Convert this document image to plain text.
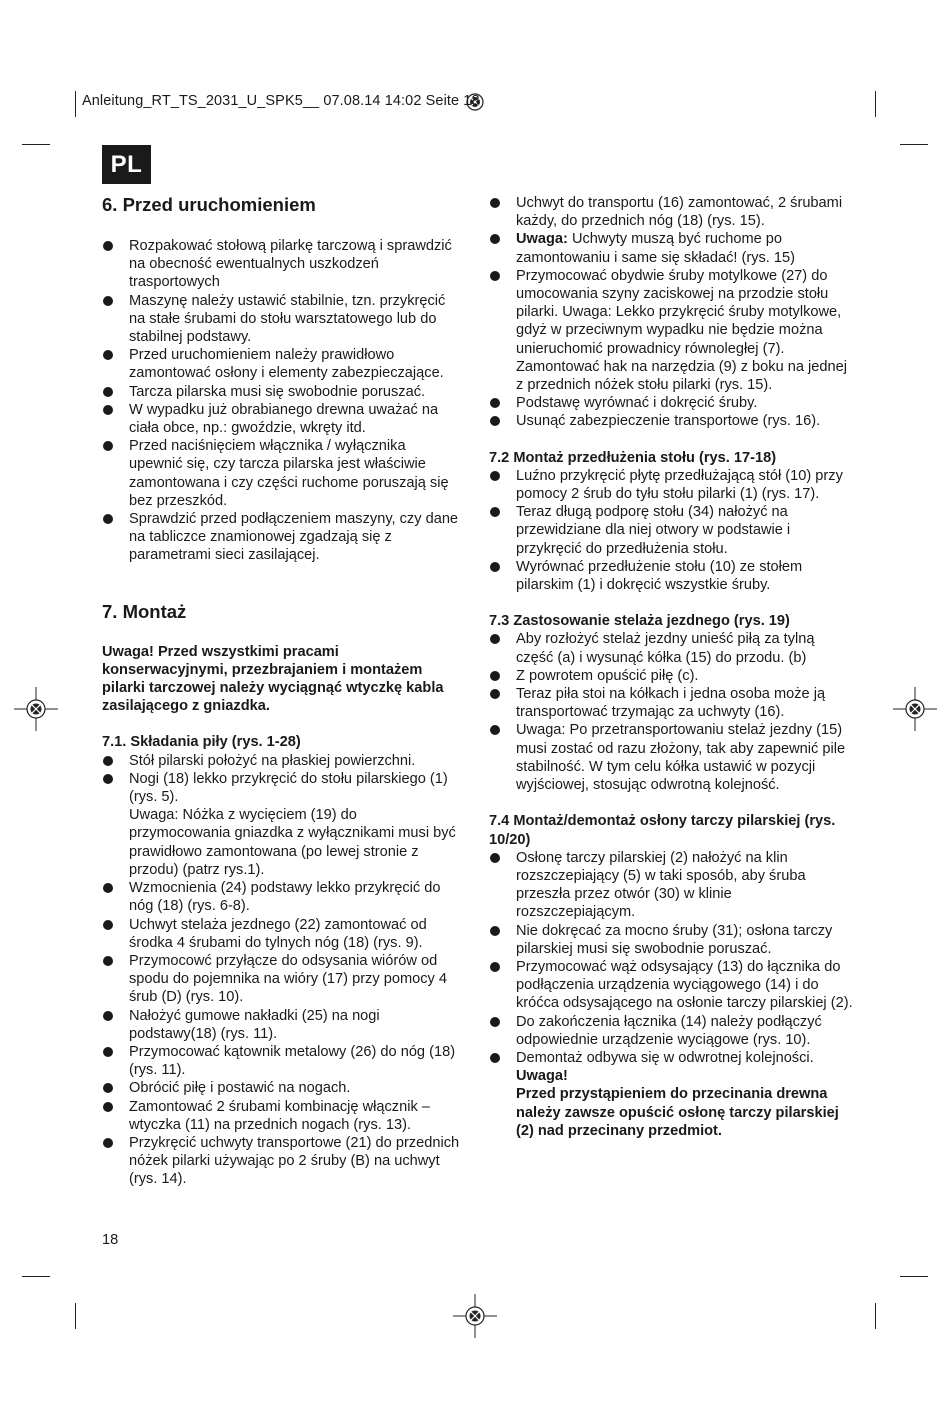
Anleitung_RT_TS_2031_U_SPK5__ 07.08.14 14:02 Seite 18
PL
6. Przed uruchomieniem
Rozpakować stołową pilarkę tarczową i sprawdzić na obecność ewentualnych uszkodzeń trasportowych
Maszynę należy ustawić stabilnie, tzn. przykręcić na stałe śrubami do stołu warsztatowego lub do stabilnej podstawy.
Przed uruchomieniem należy prawidłowo zamontować osłony i elementy zabezpieczające.
Tarcza pilarska musi się swobodnie poruszać.
W wypadku już obrabianego drewna uważać na ciała obce, np.: gwoździe, wkręty itd.
Przed naciśnięciem włącznika / wyłącznika upewnić się, czy tarcza pilarska jest właściwie zamontowana i czy części ruchome poruszają się bez przeszkód.
Sprawdzić przed podłączeniem maszyny, czy dane na tabliczce znamionowej zgadzają się z parametrami sieci zasilającej.
7. Montaż

Uwaga! Przed wszystkimi pracami konserwacyjnymi, przezbrajaniem i montażem pilarki tarczowej należy wyciągnąć wtyczkę kabla zasilającego z gniazdka.

7.1. Składania piły (rys. 1-28)
Stół pilarski położyć na płaskiej powierzchni.
Nogi (18) lekko przykręcić do stołu pilarskiego (1) (rys. 5).
Uwaga: Nóżka z wycięciem (19) do przymocowania gniazdka z wyłącznikami musi być prawidłowo zamontowana (po lewej stronie z przodu) (patrz rys.1).
Wzmocnienia (24) podstawy lekko przykręcić do nóg (18) (rys. 6-8).
Uchwyt stelaża jezdnego (22) zamontować od środka 4 śrubami do tylnych nóg (18) (rys. 9).
Przymocowć przyłącze do odsysania wiórów od spodu do pojemnika na wióry (17) przy pomocy 4 śrub (D) (rys. 10).
Nałożyć gumowe nakładki (25) na nogi podstawy(18) (rys. 11).
Przymocować kątownik metalowy (26) do nóg (18) (rys. 11).
Obrócić piłę i postawić na nogach.
Zamontować 2 śrubami kombinację włącznik – wtyczka (11) na przednich nogach (rys. 13).
Przykręcić uchwyty transportowe (21) do przednich nóżek pilarki używając po 2 śruby (B) na uchwyt (rys. 14).
Uchwyt do transportu (16) zamontować, 2 śrubami każdy, do przednich nóg (18) (rys. 15).
Uwaga: Uchwyty muszą być ruchome po zamontowaniu i same się składać! (rys. 15)
Przymocować obydwie śruby motylkowe (27) do umocowania szyny zaciskowej na przodzie stołu pilarki. Uwaga: Lekko przykręcić śruby motylkowe, gdyż w przeciwnym wypadku nie będzie można unieruchomić prowadnicy równoległej (7). Zamontować hak na narzędzia (9) z boku na jednej z przednich nóżek stołu pilarki (rys. 15).
Podstawę wyrównać i dokręcić śruby.
Usunąć zabezpieczenie transportowe (rys. 16).
7.2 Montaż przedłużenia stołu (rys. 17-18)
Luźno przykręcić płytę przedłużającą stół (10) przy pomocy 2 śrub do tyłu stołu pilarki (1) (rys. 17).
Teraz długą podporę stołu (34) nałożyć na przewidziane dla niej otwory w podstawie i przykręcić do przedłużenia stołu.
Wyrównać przedłużenie stołu (10) ze stołem pilarskim (1) i dokręcić wszystkie śruby.
7.3 Zastosowanie stelaża jezdnego (rys. 19)
Aby rozłożyć stelaż jezdny unieść piłą za tylną część (a) i wysunąć kółka (15) do przodu. (b)
Z powrotem opuścić piłę (c).
Teraz piła stoi na kółkach i jedna osoba może ją transportować trzymając za uchwyty (16).
Uwaga: Po przetransportowaniu stelaż jezdny (15) musi zostać od razu złożony, tak aby zapewnić pile stabilność. W tym celu kółka ustawić w pozycji wyjściowej, stosując odwrotną kolejność.
7.4 Montaż/demontaż osłony tarczy pilarskiej (rys. 10/20)
Osłonę tarczy pilarskiej (2) nałożyć na klin rozszczepiający (5) w taki sposób, aby śruba przeszła przez otwór (30) w klinie rozszczepiającym.
Nie dokręcać za mocno śruby (31); osłona tarczy pilarskiej musi się swobodnie poruszać.
Przymocować wąż odsysający (13) do łącznika do podłączenia urządzenia wyciągowego (14) i do króćca odsysającego na osłonie tarczy pilarskiej (2).
Do zakończenia łącznika (14) należy podłączyć odpowiednie urządzenie wyciągowe (rys. 10).
Demontaż odbywa się w odwrotnej kolejności.
Uwaga!
Przed przystąpieniem do przecinania drewna należy zawsze opuścić osłonę tarczy pilarskiej (2) nad przecinany przedmiot.
18
